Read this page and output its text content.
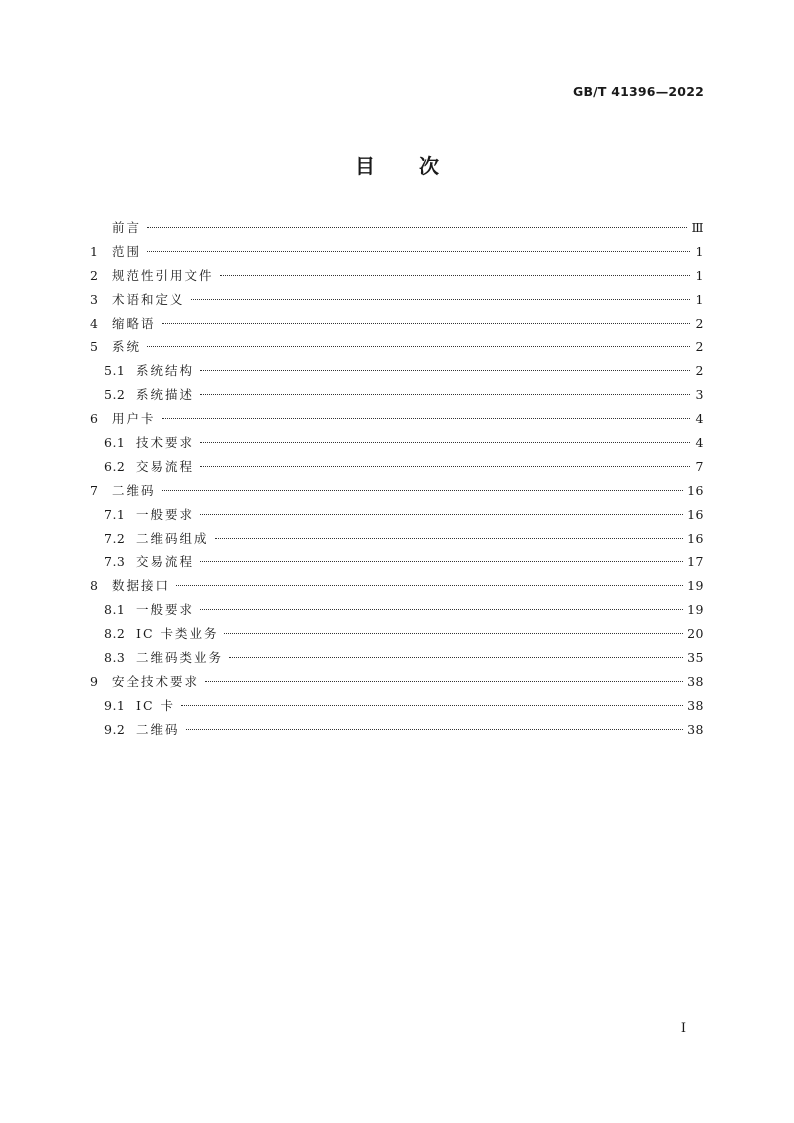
GB/T 41396—2022
目 次
前言	Ⅲ
1	范围	1
2	规范性引用文件	1
3	术语和定义	1
4	缩略语	2
5	系统	2
5.1 系统结构	2
5.2 系统描述	3
6	用户卡	4
6.1 技术要求	4
6.2 交易流程	7
7	二维码	16
7.1 一般要求	16
7.2 二维码组成	16
7.3 交易流程	17
8	数据接口	19
8.1 一般要求	19
8.2 IC 卡类业务	20
8.3 二维码类业务	35
9	安全技术要求	38
9.1 IC 卡	38
9.2 二维码	38
I
